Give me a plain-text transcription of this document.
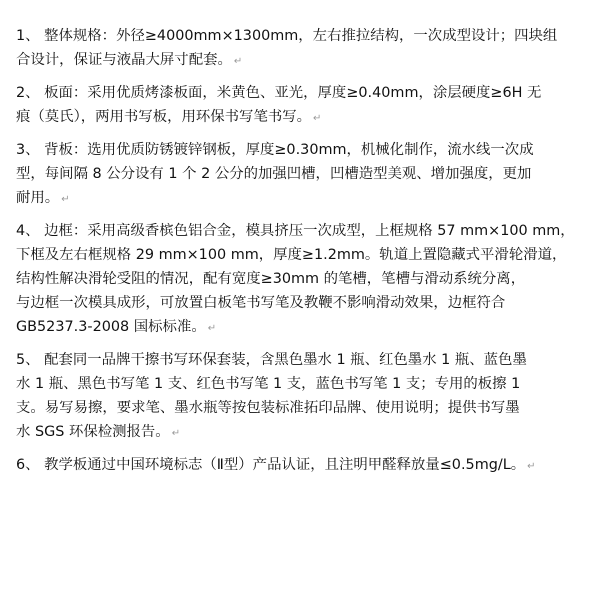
1、 整体规格：外径≥4000mm×1300mm，左右推拉结构，一次成型设计；四块组
合设计，保证与液晶大屏寸配套。 ↵

2、 板面：采用优质烤漆板面，米黄色、亚光，厚度≥0.40mm，涂层硬度≥6H 无
痕（莫氏），两用书写板，用环保书写笔书写。 ↵

3、 背板：选用优质防锈镀锌钢板，厚度≥0.30mm，机械化制作，流水线一次成
型，每间隔 8 公分设有 1 个 2 公分的加强凹槽，凹槽造型美观、增加强度，更加
耐用。 ↵

4、 边框：采用高级香槟色铝合金，模具挤压一次成型，上框规格 57 mm×100 mm，
下框及左右框规格 29 mm×100 mm，厚度≥1.2mm。轨道上置隐藏式平滑轮滑道，
结构性解决滑轮受阻的情况，配有宽度≥30mm 的笔槽，笔槽与滑动系统分离，
与边框一次模具成形，可放置白板笔书写笔及教鞭不影响滑动效果，边框符合
GB5237.3-2008 国标标准。 ↵

5、 配套同一品牌干擦书写环保套装，含黑色墨水 1 瓶、红色墨水 1 瓶、蓝色墨
水 1 瓶、黑色书写笔 1 支、红色书写笔 1 支，蓝色书写笔 1 支；专用的板擦 1
支。易写易擦，要求笔、墨水瓶等按包装标准拓印品牌、使用说明；提供书写墨
水 SGS 环保检测报告。 ↵

6、 教学板通过中国环境标志（Ⅱ型）产品认证，且注明甲醛释放量≤0.5mg/L。 ↵
